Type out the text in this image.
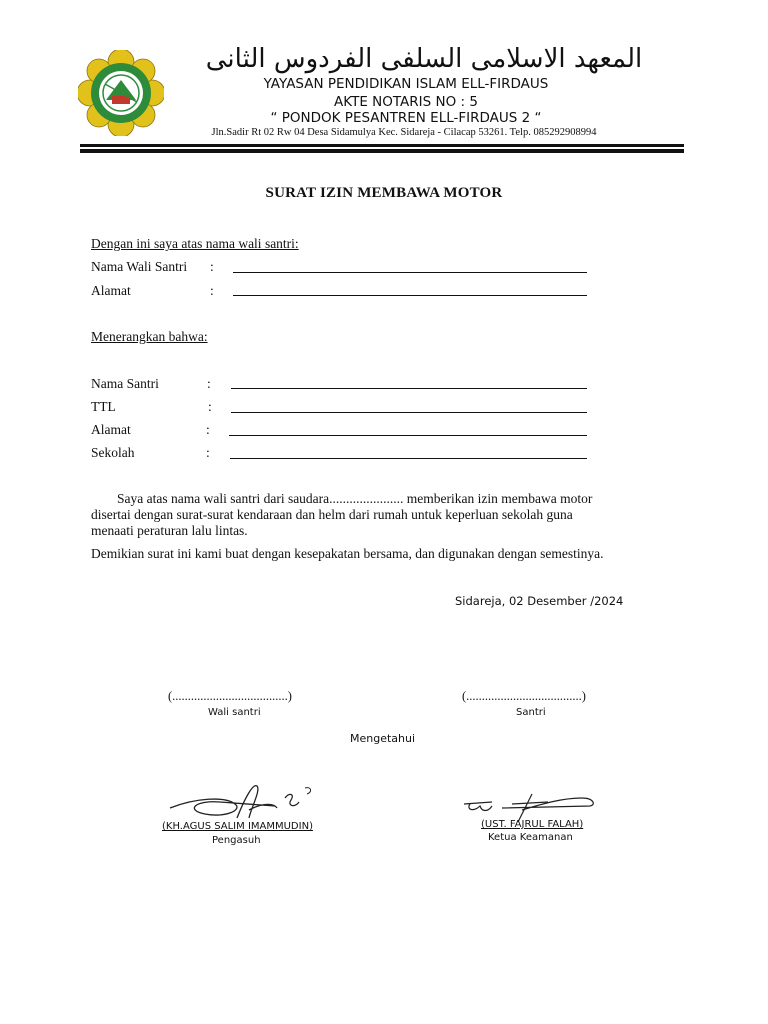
المعهد الاسلامى السلفى الفردوس الثانى
YAYASAN PENDIDIKAN ISLAM ELL-FIRDAUS
AKTE NOTARIS NO : 5
“ PONDOK PESANTREN ELL-FIRDAUS 2 “
Jln.Sadir Rt 02 Rw 04 Desa Sidamulya Kec. Sidareja - Cilacap 53261. Telp. 085292908994
SURAT IZIN MEMBAWA MOTOR
Dengan ini saya atas nama wali santri:
Nama Wali Santri :
Alamat	:
Menerangkan bahwa:
Nama Santri	:
TTL	:
Alamat	:
Sekolah	:
Saya atas nama wali santri dari saudara...................... memberikan izin membawa motor
disertai dengan surat-surat kendaraan dan helm dari rumah untuk keperluan sekolah guna
menaati peraturan lalu lintas.
Demikian surat ini kami buat dengan kesepakatan bersama, dan digunakan dengan semestinya.
Sidareja, 02 Desember /2024
(.....................................)
Wali santri
(.....................................)
Santri
Mengetahui
(KH.AGUS SALIM IMAMMUDIN)
Pengasuh
(UST. FAJRUL FALAH)
Ketua Keamanan
